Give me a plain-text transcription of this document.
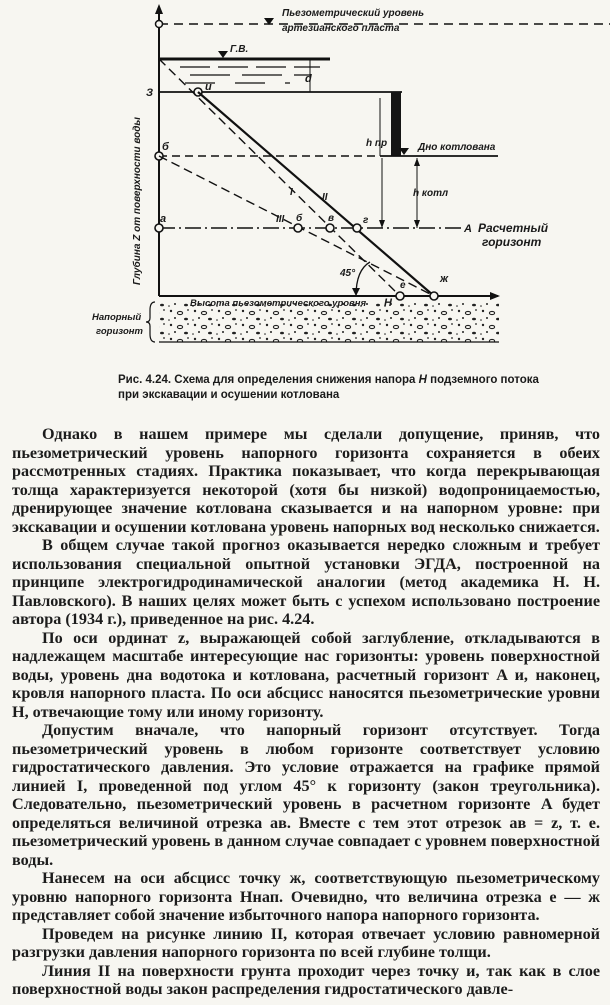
Пьезометрический уровень
артезианского пласта
Г.В.
d
З	и
h пр
б	Дно котлована
h котл
а
А Расчетный
горизонт
I	II
III б	в	г
45°
е
ж
Глубина Z от поверхности воды
Напорный
горизонт
Рис. 4.24. Схема для определения снижения напора H подземного потока при экскавации и осушении котлована

Однако в нашем примере мы сделали допущение, приняв, что пьезометрический уровень напорного горизонта сохраняется в обеих рассмотренных стадиях. Практика показывает, что когда перекрывающая толща характеризуется некоторой (хотя бы низкой) водопроницаемостью, дренирующее значение котлована сказывается и на напорном уровне: при экскавации и осушении котлована уровень напорных вод несколько снижается.

В общем случае такой прогноз оказывается нередко сложным и требует использования специальной опытной установки ЭГДА, построенной на принципе электрогидродинамической аналогии (метод академика Н. Н. Павловского). В наших целях может быть с успехом использовано построение автора (1934 г.), приведенное на рис. 4.24.

По оси ординат z, выражающей собой заглубление, откладываются в надлежащем масштабе интересующие нас горизонты: уровень поверхностной воды, уровень дна водотока и котлована, расчетный горизонт A и, наконец, кровля напорного пласта. По оси абсцисс наносятся пьезометрические уровни H, отвечающие тому или иному горизонту.

Допустим вначале, что напорный горизонт отсутствует. Тогда пьезометрический уровень в любом горизонте соответствует условию гидростатического давления. Это условие отражается на графике прямой линией I, проведенной под углом 45° к горизонту (закон треугольника). Следовательно, пьезометрический уровень в расчетном горизонте A будет определяться величиной отрезка ав. Вместе с тем этот отрезок ав = z, т. е. пьезометрический уровень в данном случае совпадает с уровнем поверхностной воды.

Нанесем на оси абсцисс точку ж, соответствующую пьезометрическому уровню напорного горизонта Hнап. Очевидно, что величина отрезка е — ж представляет собой значение избыточного напора напорного горизонта.

Проведем на рисунке линию II, которая отвечает условию равномерной разгрузки давления напорного горизонта по всей глубине толщи.

Линия II на поверхности грунта проходит через точку и, так как в слое поверхностной воды закон распределения гидростатического давле-
